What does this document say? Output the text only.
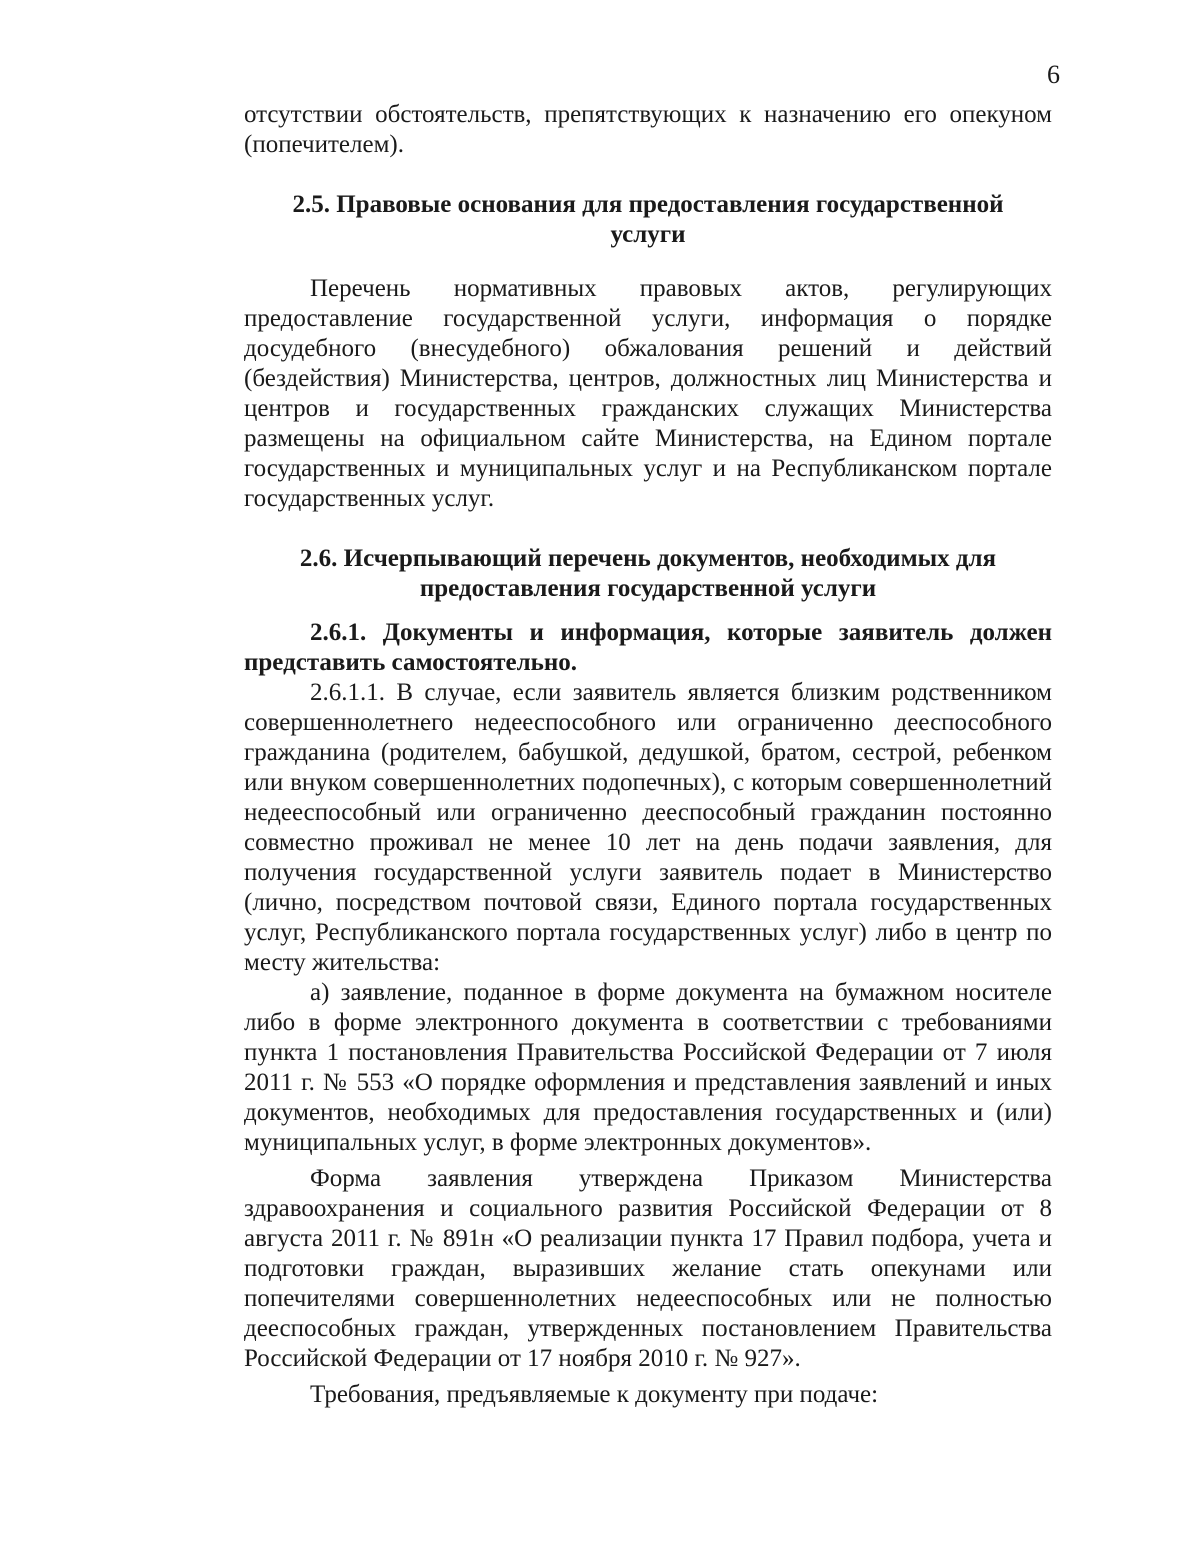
6

отсутствии обстоятельств, препятствующих к назначению его опекуном (попечителем).

2.5. Правовые основания для предоставления государственной услуги

Перечень нормативных правовых актов, регулирующих предоставление государственной услуги, информация о порядке досудебного (внесудебного) обжалования решений и действий (бездействия) Министерства, центров, должностных лиц Министерства и центров и государственных гражданских служащих Министерства размещены на официальном сайте Министерства, на Едином портале государственных и муниципальных услуг и на Республиканском портале государственных услуг.

2.6. Исчерпывающий перечень документов, необходимых для предоставления государственной услуги

2.6.1. Документы и информация, которые заявитель должен представить самостоятельно.

2.6.1.1. В случае, если заявитель является близким родственником совершеннолетнего недееспособного или ограниченно дееспособного гражданина (родителем, бабушкой, дедушкой, братом, сестрой, ребенком или внуком совершеннолетних подопечных), с которым совершеннолетний недееспособный или ограниченно дееспособный гражданин постоянно совместно проживал не менее 10 лет на день подачи заявления, для получения государственной услуги заявитель подает в Министерство (лично, посредством почтовой связи, Единого портала государственных услуг, Республиканского портала государственных услуг) либо в центр по месту жительства:

а) заявление, поданное в форме документа на бумажном носителе либо в форме электронного документа в соответствии с требованиями пункта 1 постановления Правительства Российской Федерации от 7 июля 2011 г. № 553 «О порядке оформления и представления заявлений и иных документов, необходимых для предоставления государственных и (или) муниципальных услуг, в форме электронных документов».

Форма заявления утверждена Приказом Министерства здравоохранения и социального развития Российской Федерации от 8 августа 2011 г. № 891н «О реализации пункта 17 Правил подбора, учета и подготовки граждан, выразивших желание стать опекунами или попечителями совершеннолетних недееспособных или не полностью дееспособных граждан, утвержденных постановлением Правительства Российской Федерации от 17 ноября 2010 г. № 927».

Требования, предъявляемые к документу при подаче:
